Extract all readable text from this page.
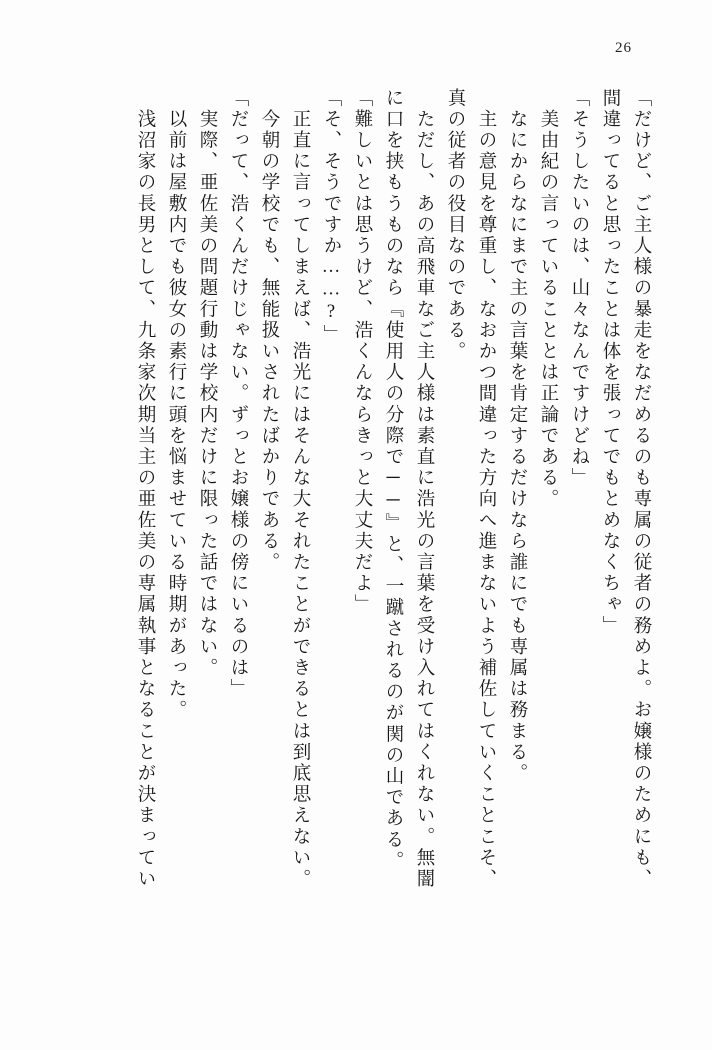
26
「だけど、ご主人様の暴走をなだめるのも専属の従者の務めよ。お嬢様のためにも、
間違ってると思ったことは体を張ってでもとめなくちゃ」
「そうしたいのは、山々なんですけどね」
　美由紀の言っていることとは正論である。
　なにからなにまで主の言葉を肯定するだけなら誰にでも専属は務まる。
　主の意見を尊重し、なおかつ間違った方向へ進まないよう補佐していくことこそ、
真の従者の役目なのである。
　ただし、あの高飛車なご主人様は素直に浩光の言葉を受け入れてはくれない。無闇
に口を挟もうものなら『使用人の分際で──』と、一蹴されるのが関の山である。
「難しいとは思うけど、浩くんならきっと大丈夫だよ」
「そ、そうですか……?」
　正直に言ってしまえば、浩光にはそんな大それたことができるとは到底思えない。
　今朝の学校でも、無能扱いされたばかりである。
「だって、浩くんだけじゃない。ずっとお嬢様の傍にいるのは」
　実際、亜佐美の問題行動は学校内だけに限った話ではない。
　以前は屋敷内でも彼女の素行に頭を悩ませている時期があった。
　浅沼家の長男として、九条家次期当主の亜佐美の専属執事となることが決まってい
